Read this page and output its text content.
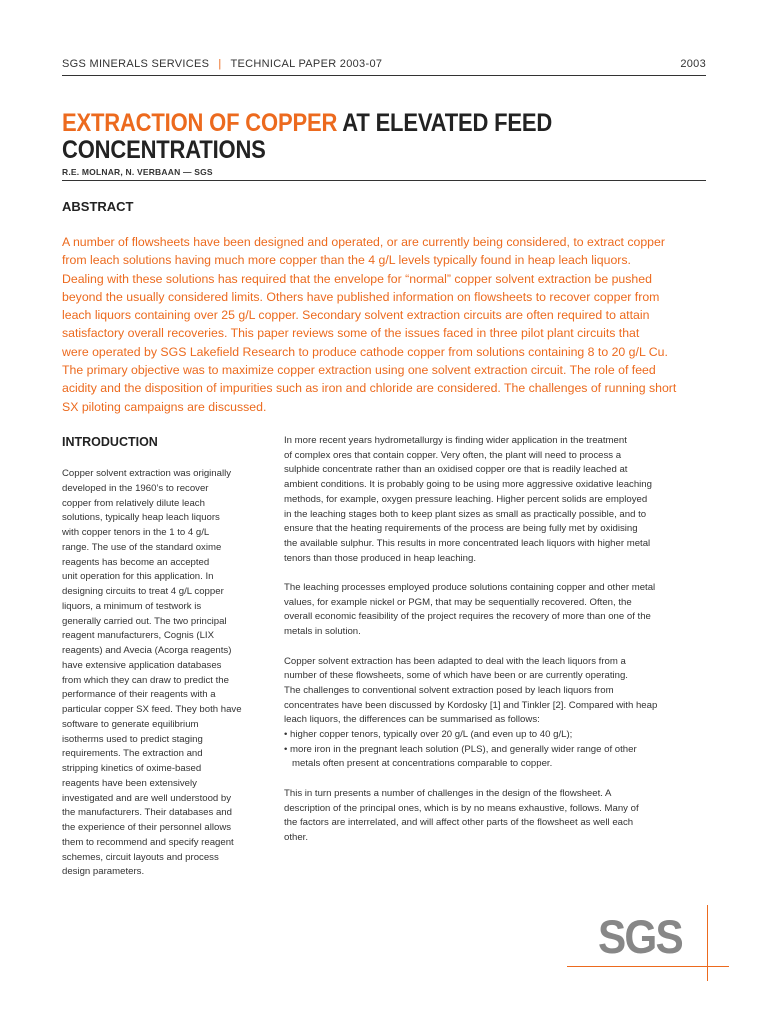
SGS MINERALS SERVICES | TECHNICAL PAPER 2003-07	2003
EXTRACTION OF COPPER AT ELEVATED FEED
CONCENTRATIONS
R.E. MOLNAR, N. VERBAAN — SGS
ABSTRACT
A number of flowsheets have been designed and operated, or are currently being considered, to extract copper
from leach solutions having much more copper than the 4 g/L levels typically found in heap leach liquors.
Dealing with these solutions has required that the envelope for “normal” copper solvent extraction be pushed
beyond the usually considered limits. Others have published information on flowsheets to recover copper from
leach liquors containing over 25 g/L copper. Secondary solvent extraction circuits are often required to attain
satisfactory overall recoveries. This paper reviews some of the issues faced in three pilot plant circuits that
were operated by SGS Lakefield Research to produce cathode copper from solutions containing 8 to 20 g/L Cu.
The primary objective was to maximize copper extraction using one solvent extraction circuit. The role of feed
acidity and the disposition of impurities such as iron and chloride are considered. The challenges of running short
SX piloting campaigns are discussed.
INTRODUCTION
Copper solvent extraction was originally
developed in the 1960’s to recover
copper from relatively dilute leach
solutions, typically heap leach liquors
with copper tenors in the 1 to 4 g/L
range. The use of the standard oxime
reagents has become an accepted
unit operation for this application. In
designing circuits to treat 4 g/L copper
liquors, a minimum of testwork is
generally carried out. The two principal
reagent manufacturers, Cognis (LIX
reagents) and Avecia (Acorga reagents)
have extensive application databases
from which they can draw to predict the
performance of their reagents with a
particular copper SX feed. They both have
software to generate equilibrium
isotherms used to predict staging
requirements. The extraction and
stripping kinetics of oxime-based
reagents have been extensively
investigated and are well understood by
the manufacturers. Their databases and
the experience of their personnel allows
them to recommend and specify reagent
schemes, circuit layouts and process
design parameters.
In more recent years hydrometallurgy is finding wider application in the treatment
of complex ores that contain copper. Very often, the plant will need to process a
sulphide concentrate rather than an oxidised copper ore that is readily leached at
ambient conditions. It is probably going to be using more aggressive oxidative leaching
methods, for example, oxygen pressure leaching. Higher percent solids are employed
in the leaching stages both to keep plant sizes as small as practically possible, and to
ensure that the heating requirements of the process are being fully met by oxidising
the available sulphur. This results in more concentrated leach liquors with higher metal
tenors than those produced in heap leaching.
The leaching processes employed produce solutions containing copper and other metal
values, for example nickel or PGM, that may be sequentially recovered. Often, the
overall economic feasibility of the project requires the recovery of more than one of the
metals in solution.
Copper solvent extraction has been adapted to deal with the leach liquors from a
number of these flowsheets, some of which have been or are currently operating.
The challenges to conventional solvent extraction posed by leach liquors from
concentrates have been discussed by Kordosky [1] and Tinkler [2]. Compared with heap
leach liquors, the differences can be summarised as follows:
• higher copper tenors, typically over 20 g/L (and even up to 40 g/L);
• more iron in the pregnant leach solution (PLS), and generally wider range of other
metals often present at concentrations comparable to copper.
This in turn presents a number of challenges in the design of the flowsheet. A
description of the principal ones, which is by no means exhaustive, follows. Many of
the factors are interrelated, and will affect other parts of the flowsheet as well each
other.
SGS
